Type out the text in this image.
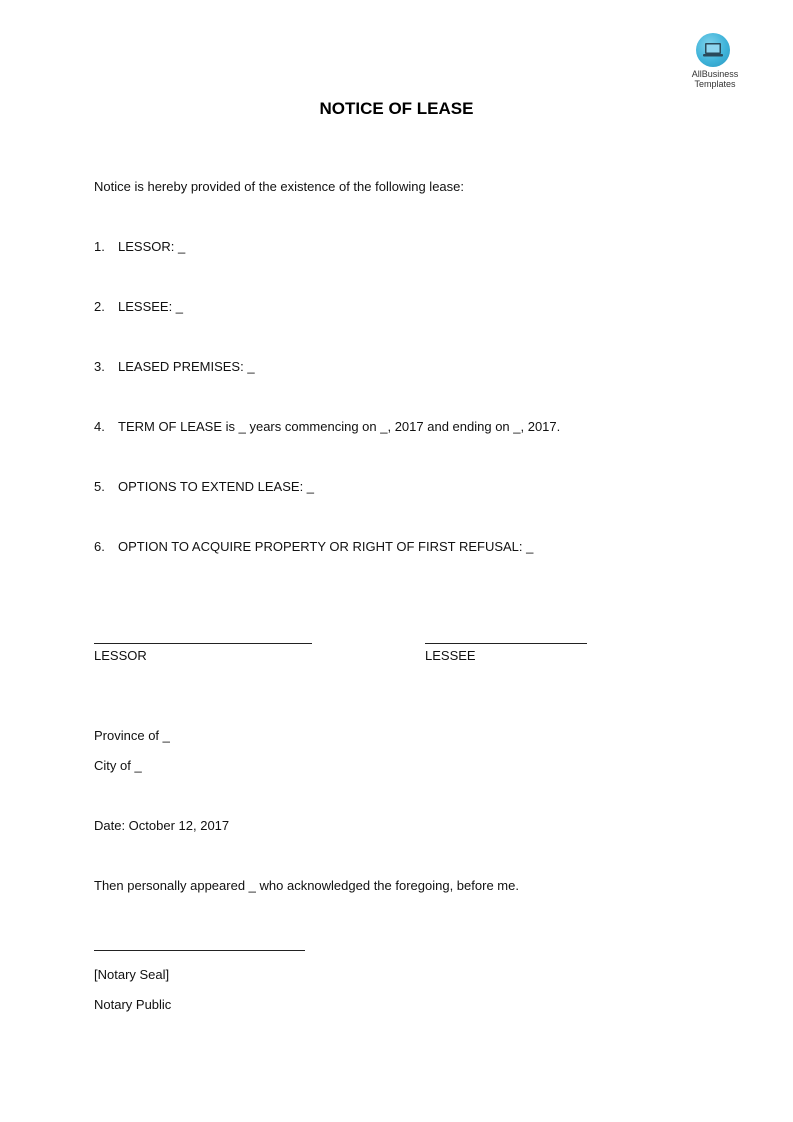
AllBusiness
Templates
NOTICE OF LEASE
Notice is hereby provided of the existence of the following lease:
1. LESSOR: _
2. LESSEE: _
3. LEASED PREMISES: _
4. TERM OF LEASE is _ years commencing on _, 2017 and ending on _, 2017.
5. OPTIONS TO EXTEND LEASE: _
6. OPTION TO ACQUIRE PROPERTY OR RIGHT OF FIRST REFUSAL: _
LESSOR	LESSEE
Province of _
City of _
Date: October 12, 2017
Then personally appeared _ who acknowledged the foregoing, before me.
[Notary Seal]
Notary Public
